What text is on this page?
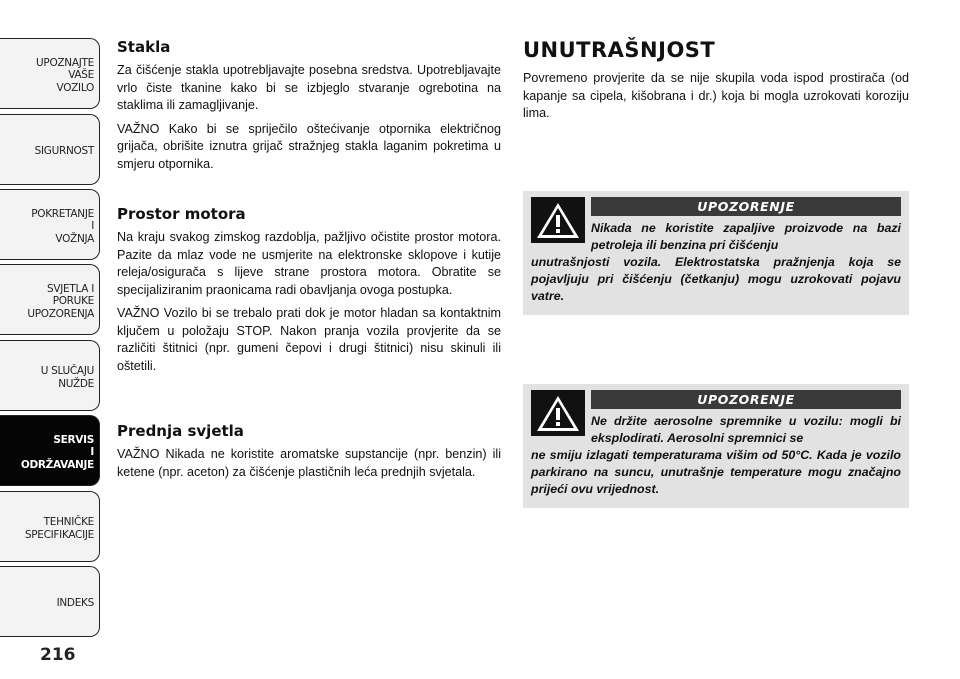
UPOZNAJTE
VAŠE
VOZILO
SIGURNOST
POKRETANJE
I
VOŽNJA
SVJETLA I
PORUKE
UPOZORENJA
U SLUČAJU
NUŽDE
SERVIS
I
ODRŽAVANJE
TEHNIČKE
SPECIFIKACIJE
INDEKS
216
Stakla

Za čišćenje stakla upotrebljavajte posebna sredstva. Upotrebljavajte vrlo čiste tkanine kako bi se izbjeglo stvaranje ogrebotina na staklima ili zamagljivanje.

VAŽNO Kako bi se spriječilo oštećivanje otpornika električnog grijača, obrišite iznutra grijač stražnjeg stakla laganim pokretima u smjeru otpornika.

Prostor motora

Na kraju svakog zimskog razdoblja, pažljivo očistite prostor motora. Pazite da mlaz vode ne usmjerite na elektronske sklopove i kutije releja/osigurača s lijeve strane prostora motora. Obratite se specijaliziranim praonicama radi obavljanja ovoga postupka.

VAŽNO Vozilo bi se trebalo prati dok je motor hladan sa kontaktnim ključem u položaju STOP. Nakon pranja vozila provjerite da se različiti štitnici (npr. gumeni čepovi i drugi štitnici) nisu skinuli ili oštetili.

Prednja svjetla

VAŽNO Nikada ne koristite aromatske supstancije (npr. benzin) ili ketene (npr. aceton) za čišćenje plastičnih leća prednjih svjetala.

UNUTRAŠNJOST

Povremeno provjerite da se nije skupila voda ispod prostirača (od kapanje sa cipela, kišobrana i dr.) koja bi mogla uzrokovati koroziju lima.

UPOZORENJE
Nikada ne koristite zapaljive proizvode na bazi petroleja ili benzina pri čišćenju
unutrašnjosti vozila. Elektrostatska pražnjenja koja se pojavljuju pri čišćenju (četkanju) mogu uzrokovati pojavu vatre.
UPOZORENJE
Ne držite aerosolne spremnike u vozilu: mogli bi eksplodirati. Aerosolni spremnici se
ne smiju izlagati temperaturama višim od 50°C. Kada je vozilo parkirano na suncu, unutrašnje temperature mogu značajno prijeći ovu vrijednost.
